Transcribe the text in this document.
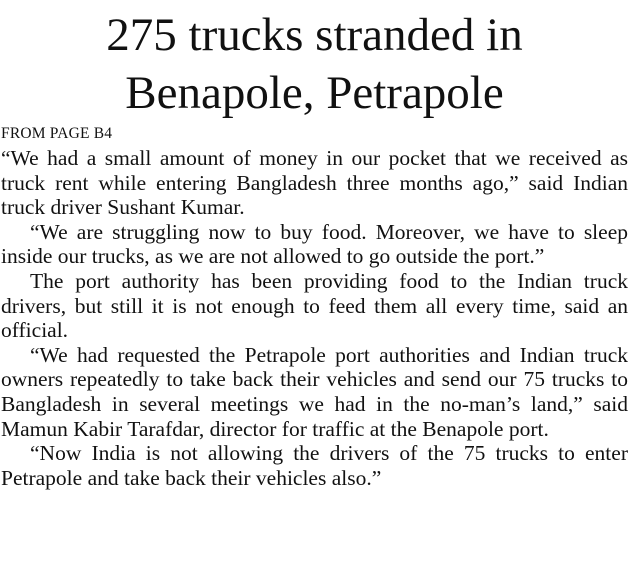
275 trucks stranded in
Benapole, Petrapole
FROM PAGE B4

“We had a small amount of money in our pocket that we received as truck rent while entering Bangladesh three months ago,” said Indian truck driver Sushant Kumar.

“We are struggling now to buy food. Moreover, we have to sleep inside our trucks, as we are not allowed to go outside the port.”

The port authority has been providing food to the Indian truck drivers, but still it is not enough to feed them all every time, said an official.

“We had requested the Petrapole port authorities and Indian truck owners repeatedly to take back their vehicles and send our 75 trucks to Bangladesh in several meetings we had in the no-man’s land,” said Mamun Kabir Tarafdar, director for traffic at the Benapole port.

“Now India is not allowing the drivers of the 75 trucks to enter Petrapole and take back their vehicles also.”
